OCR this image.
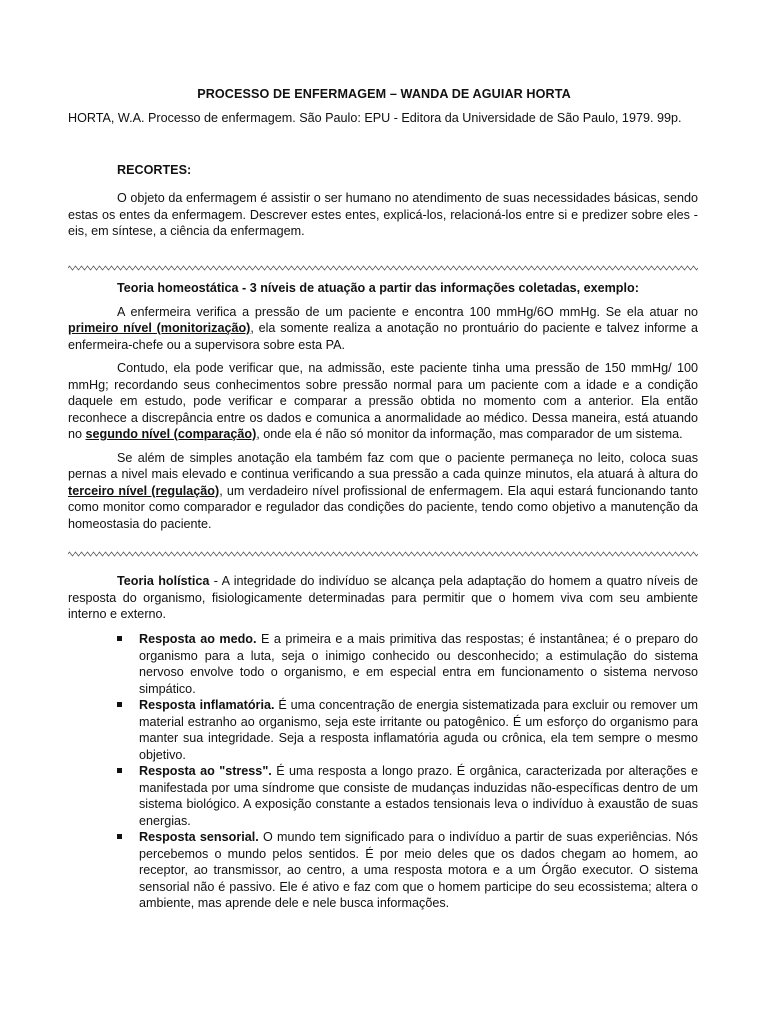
PROCESSO DE ENFERMAGEM – WANDA DE AGUIAR HORTA
HORTA, W.A. Processo de enfermagem. São Paulo: EPU - Editora da Universidade de São Paulo, 1979. 99p.
RECORTES:

O objeto da enfermagem é assistir o ser humano no atendimento de suas necessidades básicas, sendo estas os entes da enfermagem. Descrever estes entes, explicá-los, relacioná-los entre si e predizer sobre eles - eis, em síntese, a ciência da enfermagem.

Teoria homeostática - 3 níveis de atuação a partir das informações coletadas, exemplo:

A enfermeira verifica a pressão de um paciente e encontra 100 mmHg/6O mmHg. Se ela atuar no primeiro nível (monitorização), ela somente realiza a anotação no prontuário do paciente e talvez informe a enfermeira-chefe ou a supervisora sobre esta PA.

Contudo, ela pode verificar que, na admissão, este paciente tinha uma pressão de 150 mmHg/ 100 mmHg; recordando seus conhecimentos sobre pressão normal para um paciente com a idade e a condição daquele em estudo, pode verificar e comparar a pressão obtida no momento com a anterior. Ela então reconhece a discrepância entre os dados e comunica a anormalidade ao médico. Dessa maneira, está atuando no segundo nível (comparação), onde ela é não só monitor da informação, mas comparador de um sistema.

Se além de simples anotação ela também faz com que o paciente permaneça no leito, coloca suas pernas a nivel mais elevado e continua verificando a sua pressão a cada quinze minutos, ela atuará à altura do terceiro nível (regulação), um verdadeiro nível profissional de enfermagem. Ela aqui estará funcionando tanto como monitor como comparador e regulador das condições do paciente, tendo como objetivo a manutenção da homeostasia do paciente.

Teoria holística - A integridade do indivíduo se alcança pela adaptação do homem a quatro níveis de resposta do organismo, fisiologicamente determinadas para permitir que o homem viva com seu ambiente interno e externo.

Resposta ao medo. E a primeira e a mais primitiva das respostas; é instantânea; é o preparo do organismo para a luta, seja o inimigo conhecido ou desconhecido; a estimulação do sistema nervoso envolve todo o organismo, e em especial entra em funcionamento o sistema nervoso simpático.
Resposta inflamatória. É uma concentração de energia sistematizada para excluir ou remover um material estranho ao organismo, seja este irritante ou patogênico. É um esforço do organismo para manter sua integridade. Seja a resposta inflamatória aguda ou crônica, ela tem sempre o mesmo objetivo.
Resposta ao "stress". É uma resposta a longo prazo. É orgânica, caracterizada por alterações e manifestada por uma síndrome que consiste de mudanças induzidas não-específicas dentro de um sistema biológico. A exposição constante a estados tensionais leva o indivíduo à exaustão de suas energias.
Resposta sensorial. O mundo tem significado para o indivíduo a partir de suas experiências. Nós percebemos o mundo pelos sentidos. É por meio deles que os dados chegam ao homem, ao receptor, ao transmissor, ao centro, a uma resposta motora e a um Órgão executor. O sistema sensorial não é passivo. Ele é ativo e faz com que o homem participe do seu ecossistema; altera o ambiente, mas aprende dele e nele busca informações.
